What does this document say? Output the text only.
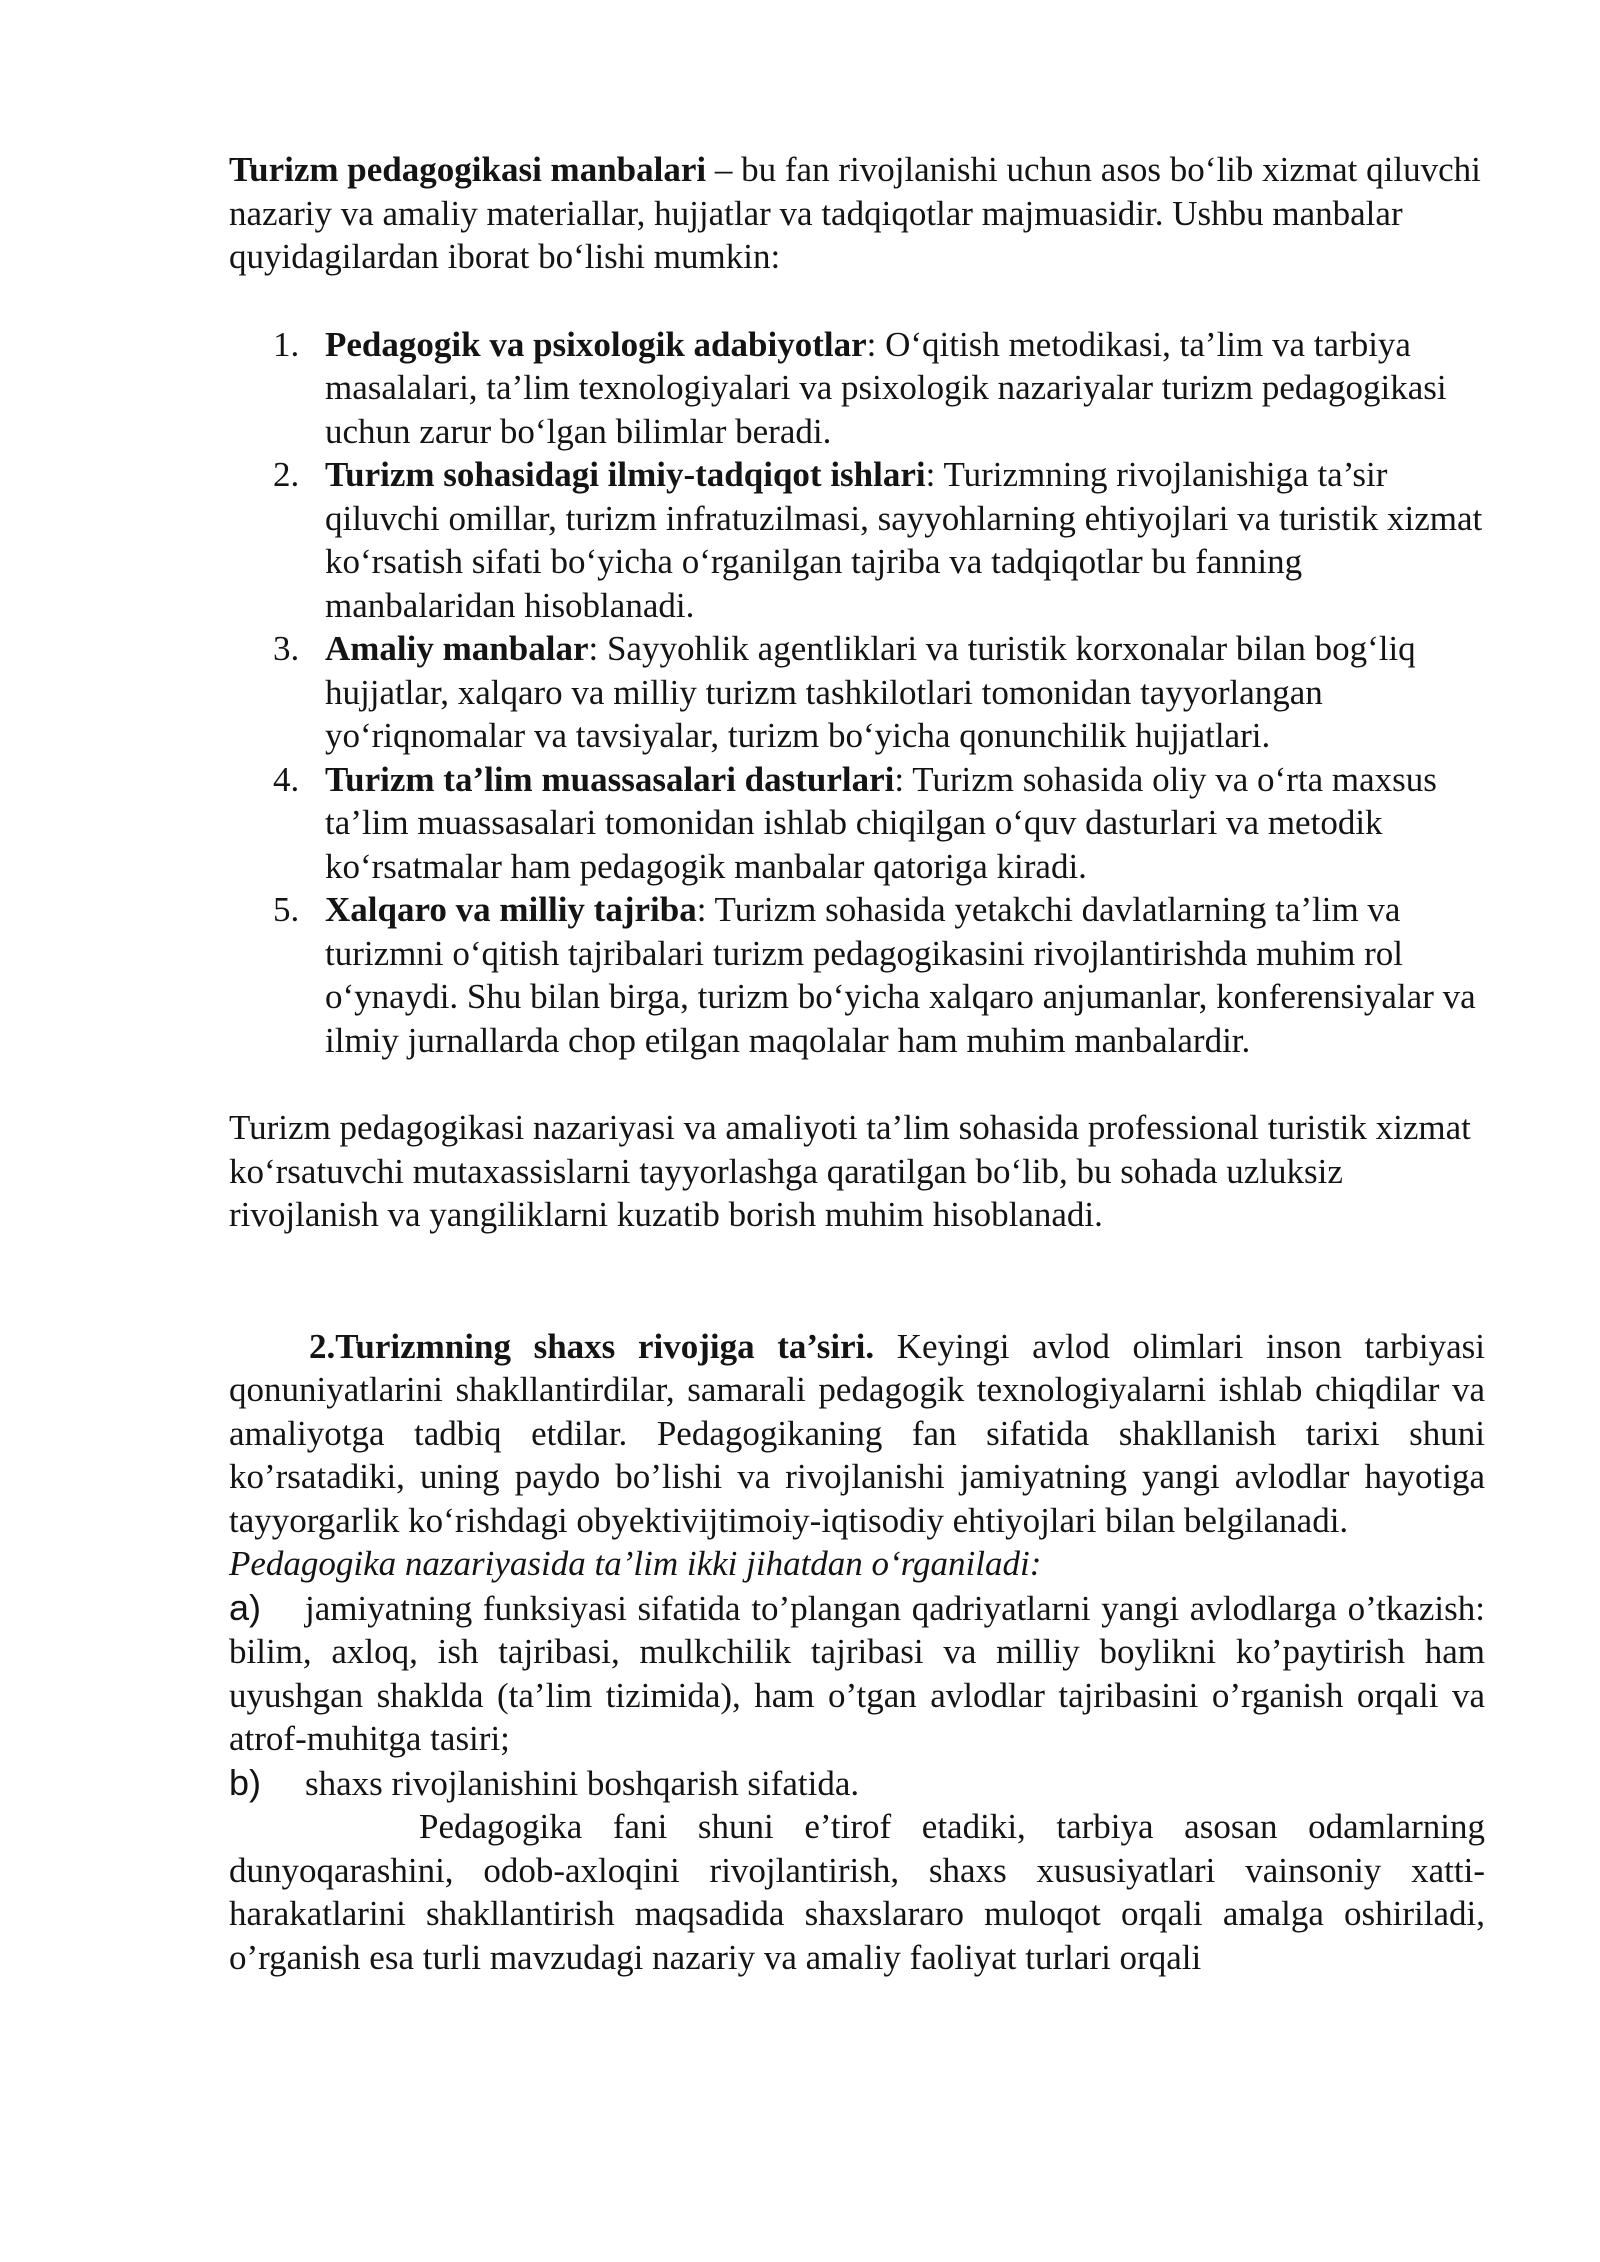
Turizm pedagogikasi manbalari – bu fan rivojlanishi uchun asos bo‘lib xizmat qiluvchi nazariy va amaliy materiallar, hujjatlar va tadqiqotlar majmuasidir. Ushbu manbalar quyidagilardan iborat bo‘lishi mumkin:

1. Pedagogik va psixologik adabiyotlar: O‘qitish metodikasi, ta’lim va tarbiya masalalari, ta’lim texnologiyalari va psixologik nazariyalar turizm pedagogikasi uchun zarur bo‘lgan bilimlar beradi.
2. Turizm sohasidagi ilmiy-tadqiqot ishlari: Turizmning rivojlanishiga ta’sir qiluvchi omillar, turizm infratuzilmasi, sayyohlarning ehtiyojlari va turistik xizmat ko‘rsatish sifati bo‘yicha o‘rganilgan tajriba va tadqiqotlar bu fanning manbalaridan hisoblanadi.
3. Amaliy manbalar: Sayyohlik agentliklari va turistik korxonalar bilan bog‘liq hujjatlar, xalqaro va milliy turizm tashkilotlari tomonidan tayyorlangan yo‘riqnomalar va tavsiyalar, turizm bo‘yicha qonunchilik hujjatlari.
4. Turizm ta’lim muassasalari dasturlari: Turizm sohasida oliy va o‘rta maxsus ta’lim muassasalari tomonidan ishlab chiqilgan o‘quv dasturlari va metodik ko‘rsatmalar ham pedagogik manbalar qatoriga kiradi.
5. Xalqaro va milliy tajriba: Turizm sohasida yetakchi davlatlarning ta’lim va turizmni o‘qitish tajribalari turizm pedagogikasini rivojlantirishda muhim rol o‘ynaydi. Shu bilan birga, turizm bo‘yicha xalqaro anjumanlar, konferensiyalar va ilmiy jurnallarda chop etilgan maqolalar ham muhim manbalardir.

Turizm pedagogikasi nazariyasi va amaliyoti ta’lim sohasida professional turistik xizmat ko‘rsatuvchi mutaxassislarni tayyorlashga qaratilgan bo‘lib, bu sohada uzluksiz rivojlanish va yangiliklarni kuzatib borish muhim hisoblanadi.

2.Turizmning shaxs rivojiga ta’siri. Keyingi avlod olimlari inson tarbiyasi qonuniyatlarini shakllantirdilar, samarali pedagogik texnologiyalarni ishlab chiqdilar va amaliyotga tadbiq etdilar. Pedagogikaning fan sifatida shakllanish tarixi shuni ko’rsatadiki, uning paydo bo’lishi va rivojlanishi jamiyatning yangi avlodlar hayotiga tayyorgarlik ko‘rishdagi obyektivijtimoiy-iqtisodiy ehtiyojlari bilan belgilanadi.

Pedagogika nazariyasida ta’lim ikki jihatdan o‘rganiladi:

a) jamiyatning funksiyasi sifatida to’plangan qadriyatlarni yangi avlodlarga o’tkazish: bilim, axloq, ish tajribasi, mulkchilik tajribasi va milliy boylikni ko’paytirish ham uyushgan shaklda (ta’lim tizimida), ham o’tgan avlodlar tajribasini o’rganish orqali va atrof-muhitga tasiri;

b) shaxs rivojlanishini boshqarish sifatida.

Pedagogika fani shuni e’tirof etadiki, tarbiya asosan odamlarning dunyoqarashini, odob-axloqini rivojlantirish, shaxs xususiyatlari vainsoniy xatti-harakatlarini shakllantirish maqsadida shaxslararo muloqot orqali amalga oshiriladi, o’rganish esa turli mavzudagi nazariy va amaliy faoliyat turlari orqali
